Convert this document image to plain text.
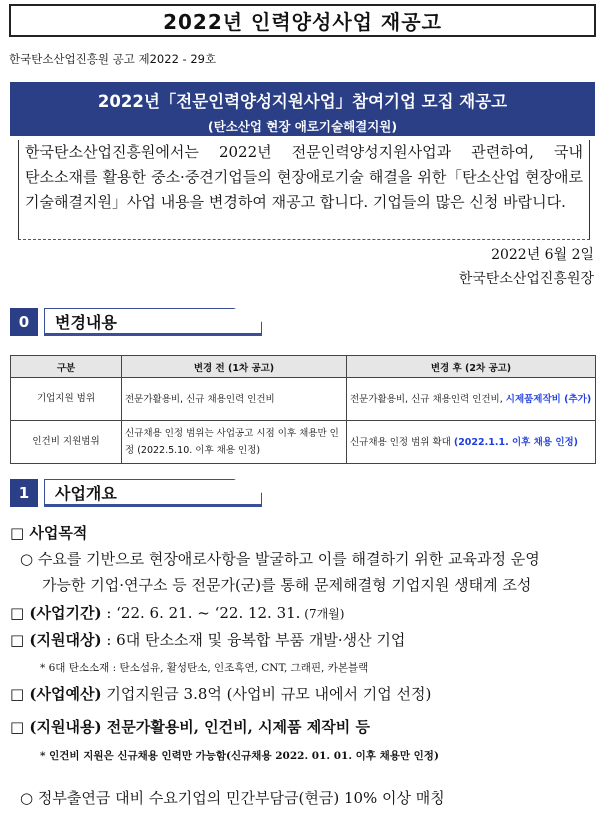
2022년 인력양성사업 재공고
한국탄소산업진흥원 공고 제2022 - 29호
2022년「전문인력양성지원사업」참여기업 모집 재공고
(탄소산업 현장 애로기술해결지원)
한국탄소산업진흥원에서는 2022년 전문인력양성지원사업과 관련하여, 국내 탄소소재를 활용한 중소·중견기업들의 현장애로기술 해결을 위한「탄소산업 현장애로 기술해결지원」사업 내용을 변경하여 재공고 합니다. 기업들의 많은 신청 바랍니다.
2022년 6월 2일
한국탄소산업진흥원장
0	변경내용
구분	변경 전 (1차 공고)	변경 후 (2차 공고)
기업지원 범위	전문가활용비, 신규 채용인력 인건비	전문가활용비, 신규 채용인력 인건비, 시제품제작비 (추가)
인건비 지원범위	신규채용 인정 범위는 사업공고 시점 이후 채용만 인정 (2022.5.10. 이후 채용 인정)	신규채용 인정 범위 확대 (2022.1.1. 이후 채용 인정)
1	사업개요
□ 사업목적
○ 수요를 기반으로 현장애로사항을 발굴하고 이를 해결하기 위한 교육과정 운영
가능한 기업·연구소 등 전문가(군)를 통해 문제해결형 기업지원 생태계 조성
□ (사업기간) : ‘22. 6. 21. ~ ‘22. 12. 31. (7개월)
□ (지원대상) : 6대 탄소소재 및 융복합 부품 개발·생산 기업
* 6대 탄소소재 : 탄소섬유, 활성탄소, 인조흑연, CNT, 그래핀, 카본블랙
□ (사업예산) 기업지원금 3.8억 (사업비 규모 내에서 기업 선정)
□ (지원내용) 전문가활용비, 인건비, 시제품 제작비 등
* 인건비 지원은 신규채용 인력만 가능함(신규채용 2022. 01. 01. 이후 채용만 인정)
○ 정부출연금 대비 수요기업의 민간부담금(현금) 10% 이상 매칭
